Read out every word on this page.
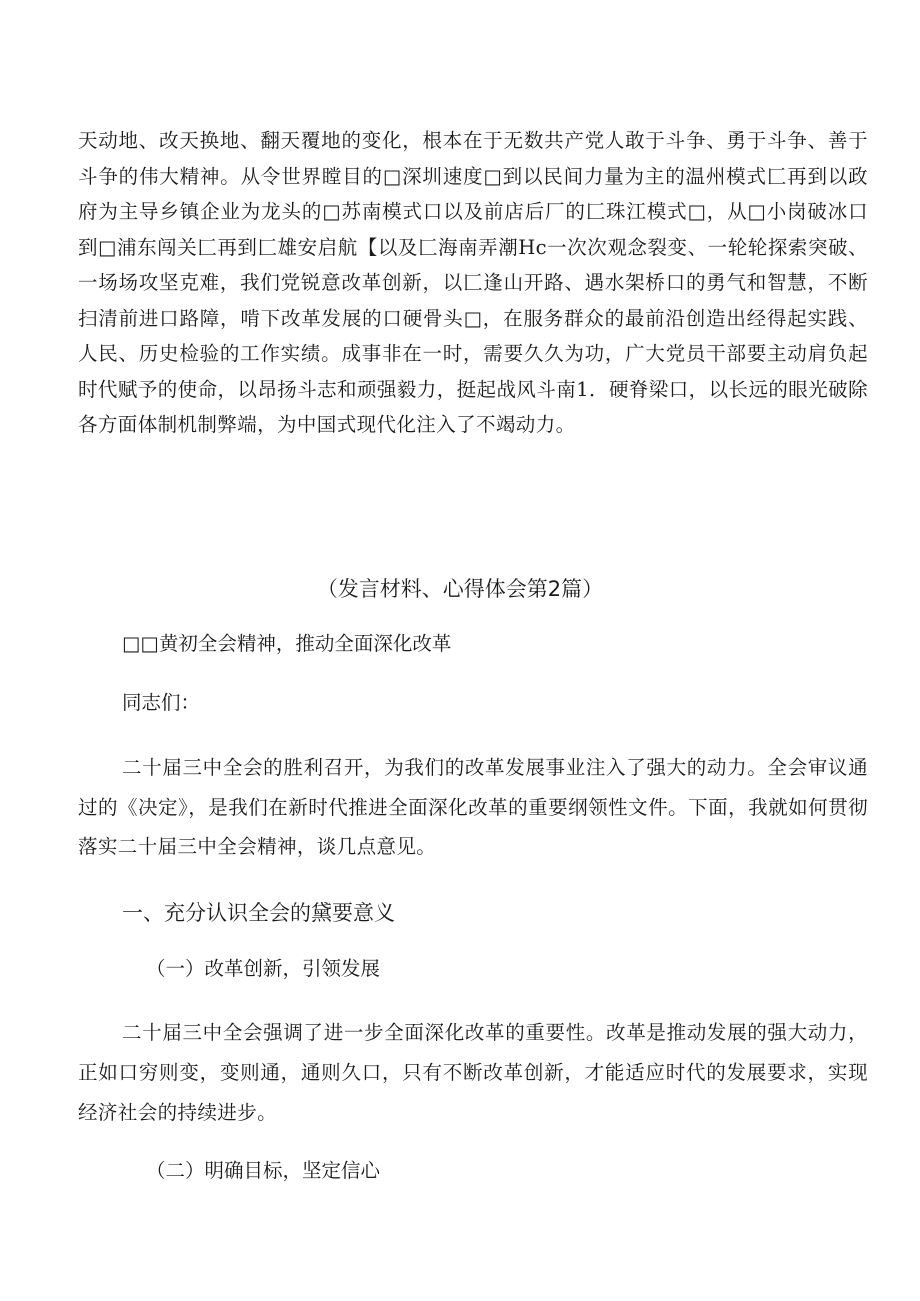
天动地、改天换地、翻天覆地的变化，根本在于无数共产党人敢于斗争、勇于斗争、善于斗争的伟大精神。从令世界瞠目的□深圳速度□到以民间力量为主的温州模式匚再到以政府为主导乡镇企业为龙头的□苏南模式口以及前店后厂的匚珠江模式□，从□小岗破冰口到□浦东闯关匚再到匚雄安启航【以及匚海南弄潮Hc一次次观念裂变、一轮轮探索突破、一场场攻坚克难，我们党锐意改革创新，以匚逢山开路、遇水架桥口的勇气和智慧，不断扫清前进口路障，啃下改革发展的口硬骨头□，在服务群众的最前沿创造出经得起实践、人民、历史检验的工作实绩。成事非在一时，需要久久为功，广大党员干部要主动肩负起时代赋予的使命，以昂扬斗志和顽强毅力，挺起战风斗南1．硬脊梁口，以长远的眼光破除各方面体制机制弊端，为中国式现代化注入了不竭动力。

（发言材料、心得体会第2篇）

□□黄初全会精神，推动全面深化改革

同志们：

二十届三中全会的胜利召开，为我们的改革发展事业注入了强大的动力。全会审议通过的《决定》，是我们在新时代推进全面深化改革的重要纲领性文件。下面，我就如何贯彻落实二十届三中全会精神，谈几点意见。

一、充分认识全会的黛要意义

（一）改革创新，引领发展

二十届三中全会强调了进一步全面深化改革的重要性。改革是推动发展的强大动力，正如口穷则变，变则通，通则久口，只有不断改革创新，才能适应时代的发展要求，实现经济社会的持续进步。

（二）明确目标，坚定信心
